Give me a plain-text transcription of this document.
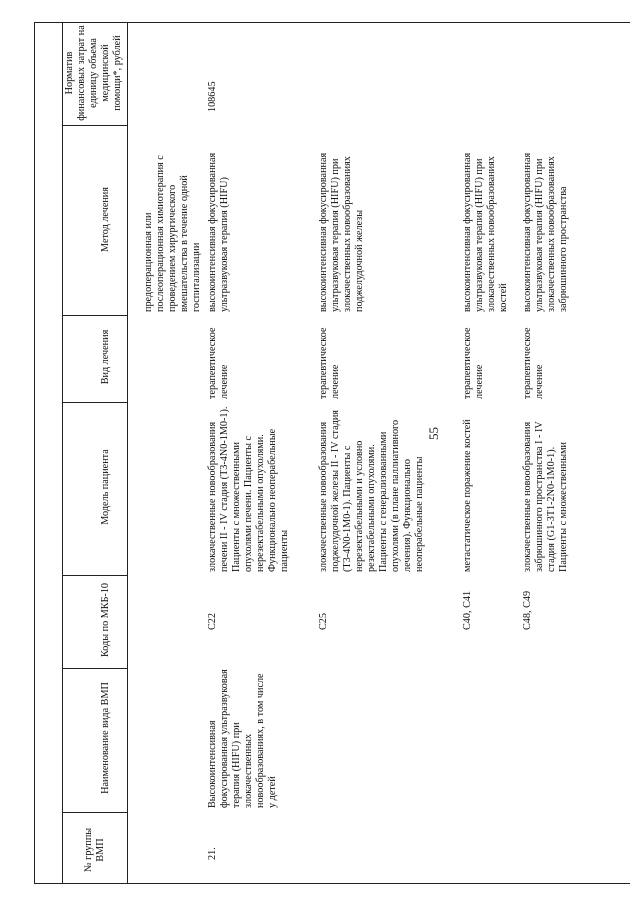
55
№ группы ВМП
Наименование вида ВМП
Коды по МКБ-10
Модель пациента
Вид лечения
Метод лечения
Норматив финансовых затрат на единицу объема медицинской помощи*, рублей
предоперационная или послеоперационная химиотерапия с проведением хирургического вмешательства в течение одной госпитализации
21.
Высокоинтенсивная фокусированная ультразвуковая терапия (HIFU) при злокачественных новообразованиях, в том числе у детей
108645
C22
злокачественные новообразования печени II - IV стадия (T3-4N0-1M0-1). Пациенты с множественными опухолями печени. Пациенты с нерезектабельными опухолями. Функционально неоперабельные пациенты
терапевтическое лечение
высокоинтенсивная фокусированная ультразвуковая терапия (HIFU)
C25
злокачественные новообразования поджелудочной железы II - IV стадия (T3-4N0-1M0-1). Пациенты с нерезектабельными и условно резектабельными опухолями. Пациенты с генерализованными опухолями (в плане паллиативного лечения). Функционально неоперабельные пациенты
терапевтическое лечение
высокоинтенсивная фокусированная ультразвуковая терапия (HIFU) при злокачественных новообразованиях поджелудочной железы
C40, C41
метастатическое поражение костей
терапевтическое лечение
высокоинтенсивная фокусированная ультразвуковая терапия (HIFU) при злокачественных новообразованиях костей
C48, C49
злокачественные новообразования забрюшинного пространства I - IV стадия (G1-3T1-2N0-1M0-1). Пациенты с множественными
терапевтическое лечение
высокоинтенсивная фокусированная ультразвуковая терапия (HIFU) при злокачественных новообразованиях забрюшинного пространства
